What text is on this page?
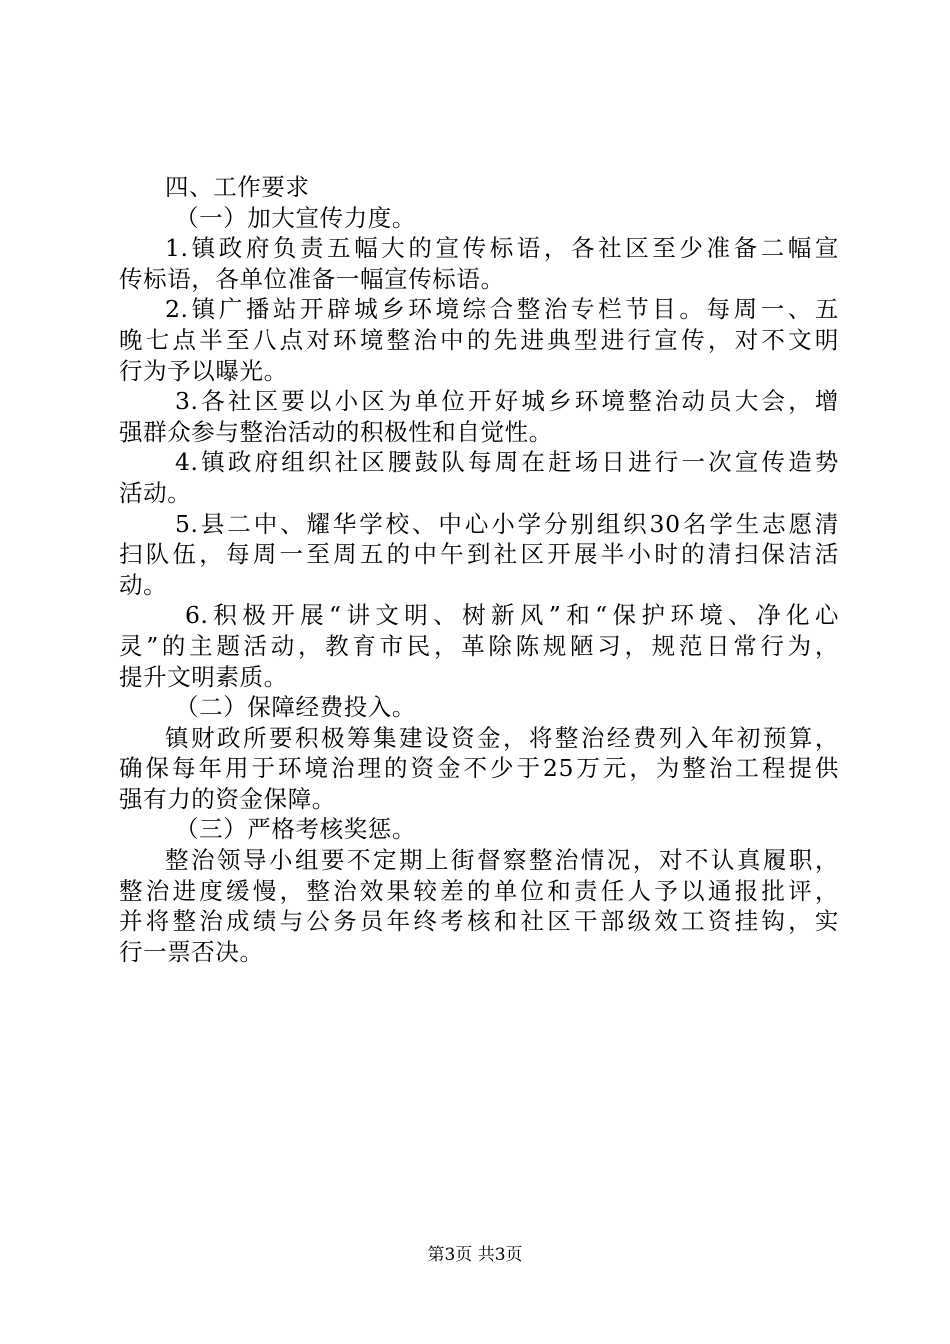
四、工作要求
（一）加大宣传力度。
1.镇政府负责五幅大的宣传标语，各社区至少准备二幅宣
传标语，各单位准备一幅宣传标语。
2.镇广播站开辟城乡环境综合整治专栏节目。每周一、五
晚七点半至八点对环境整治中的先进典型进行宣传，对不文明
行为予以曝光。
3.各社区要以小区为单位开好城乡环境整治动员大会，增
强群众参与整治活动的积极性和自觉性。
4.镇政府组织社区腰鼓队每周在赶场日进行一次宣传造势
活动。
5.县二中、耀华学校、中心小学分别组织30名学生志愿清
扫队伍，每周一至周五的中午到社区开展半小时的清扫保洁活
动。
6.积极开展“讲文明、树新风”和“保护环境、净化心
灵”的主题活动，教育市民，革除陈规陋习，规范日常行为，
提升文明素质。
（二）保障经费投入。
镇财政所要积极筹集建设资金，将整治经费列入年初预算，
确保每年用于环境治理的资金不少于25万元，为整治工程提供
强有力的资金保障。
（三）严格考核奖惩。
整治领导小组要不定期上街督察整治情况，对不认真履职，
整治进度缓慢，整治效果较差的单位和责任人予以通报批评，
并将整治成绩与公务员年终考核和社区干部级效工资挂钩，实
行一票否决。
第3页 共3页
